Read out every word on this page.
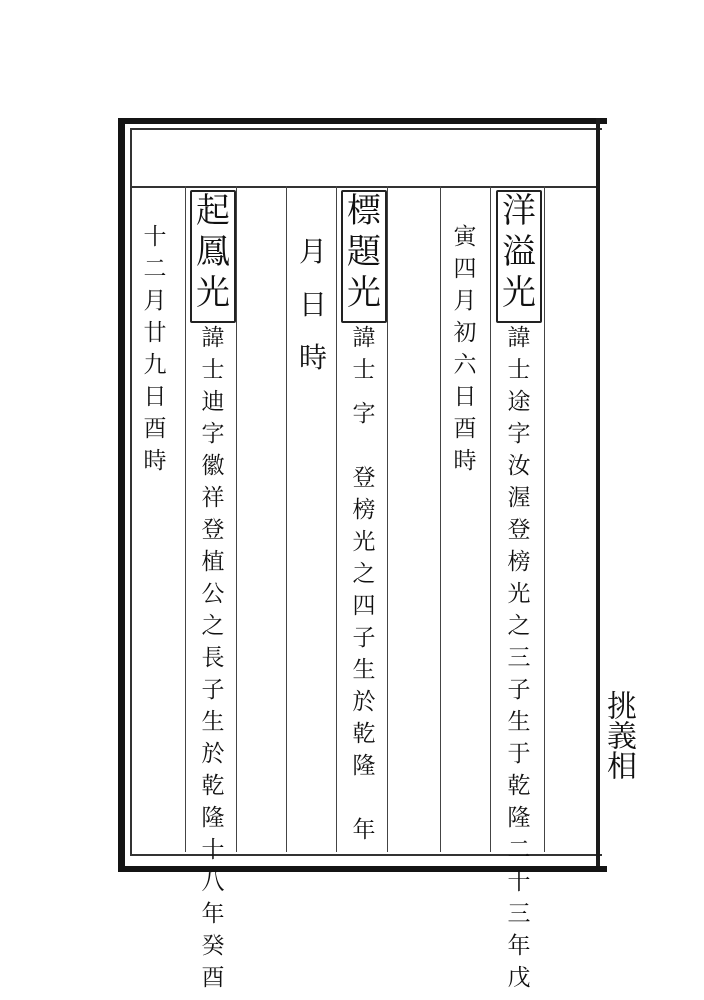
洋
溢
光
諱
士
途
字
汝
渥
登
榜
光
之
三
子
生
于
乾
隆
二
十
三
年
戊
寅
四
月
初
六
日
酉
時
標
題
光
諱
士
字
登
榜
光
之
四
子
生
於
乾
隆
年
月
日
時
起
鳳
光
諱
士
迪
字
徽
祥
登
植
公
之
長
子
生
於
乾
隆
十
八
年
癸
酉
十
二
月
廿
九
日
酉
時
挑義相
